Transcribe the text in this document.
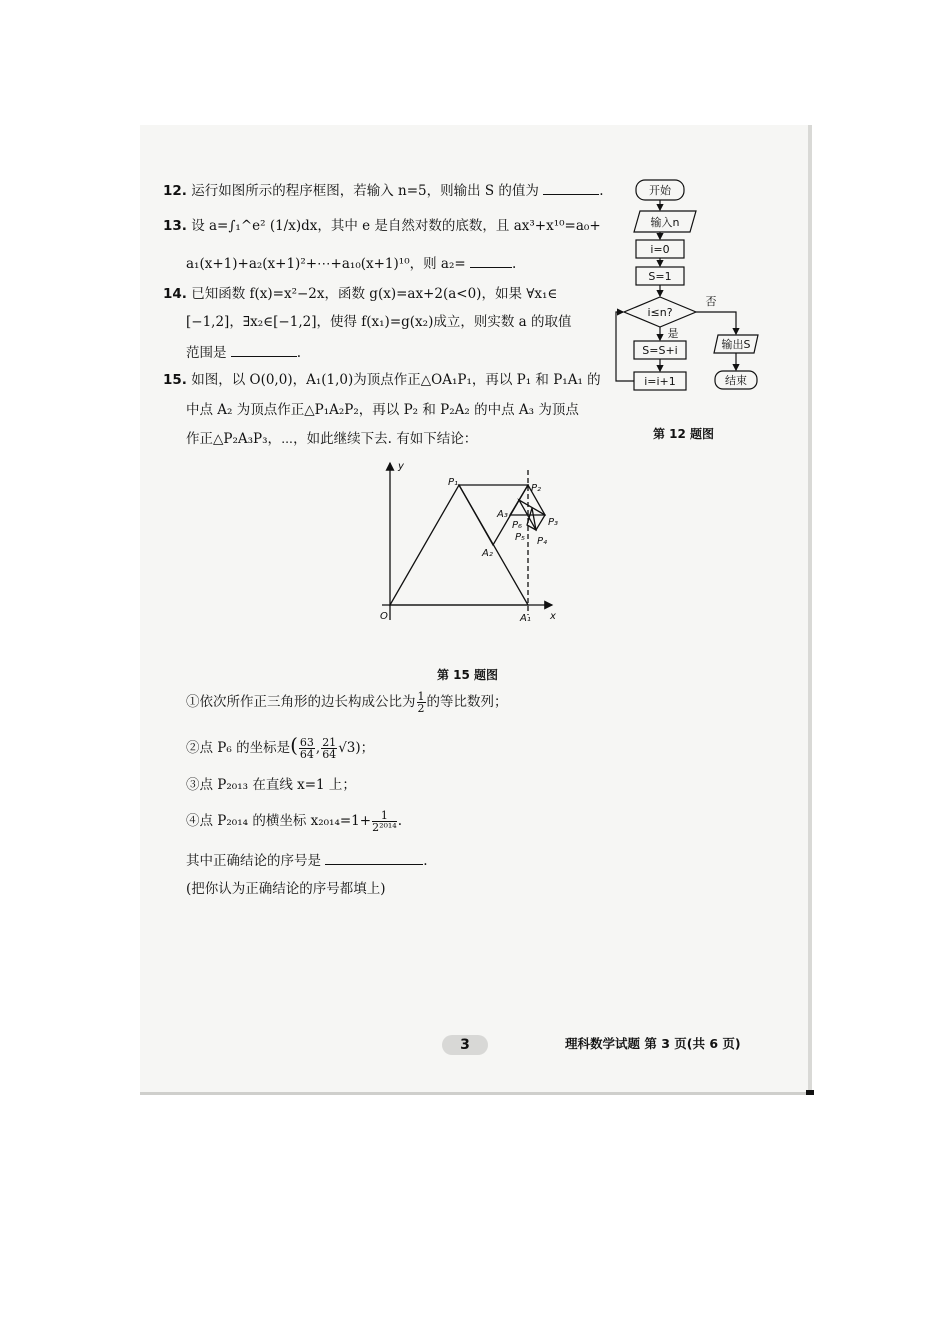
12. 运行如图所示的程序框图，若输入 n=5，则输出 S 的值为	.
13. 设 a=∫₁^e² (1/x)dx，其中 e 是自然对数的底数，且 ax³+x¹⁰=a₀+
a₁(x+1)+a₂(x+1)²+⋯+a₁₀(x+1)¹⁰，则 a₂=	.
14. 已知函数 f(x)=x²−2x，函数 g(x)=ax+2(a<0)，如果 ∀x₁∈
[−1,2]，∃x₂∈[−1,2]，使得 f(x₁)=g(x₂)成立，则实数 a 的取值
范围是	.
15. 如图，以 O(0,0)，A₁(1,0)为顶点作正△OA₁P₁，再以 P₁ 和 P₁A₁ 的
中点 A₂ 为顶点作正△P₁A₂P₂，再以 P₂ 和 P₂A₂ 的中点 A₃ 为顶点
作正△P₂A₃P₃，⋯，如此继续下去. 有如下结论：
开始
输入n
i=0
S=1
i≤n?
否
是
S=S+i
i=i+1
输出S
结束
第 12 题图
y
x
O	A₁
A₂
A₃
P₁
P₂
P₃
P₄
P₅
P₆
第 15 题图
①依次所作正三角形的边长构成公比为 $\frac{1}{2}$ 的等比数列；
②点 P₆ 的坐标是( $\frac{63}{64}$ , $\frac{21}{64} √3$)；
③点 P₂₀₁₃ 在直线 x=1 上；
④点 P₂₀₁₄ 的横坐标 $x_{2014}=1+ \frac{1}{\text{2²⁰¹⁴}}$ .
其中正确结论的序号是	.
(把你认为正确结论的序号都填上)
3	理科数学试题 第 3 页(共 6 页)
